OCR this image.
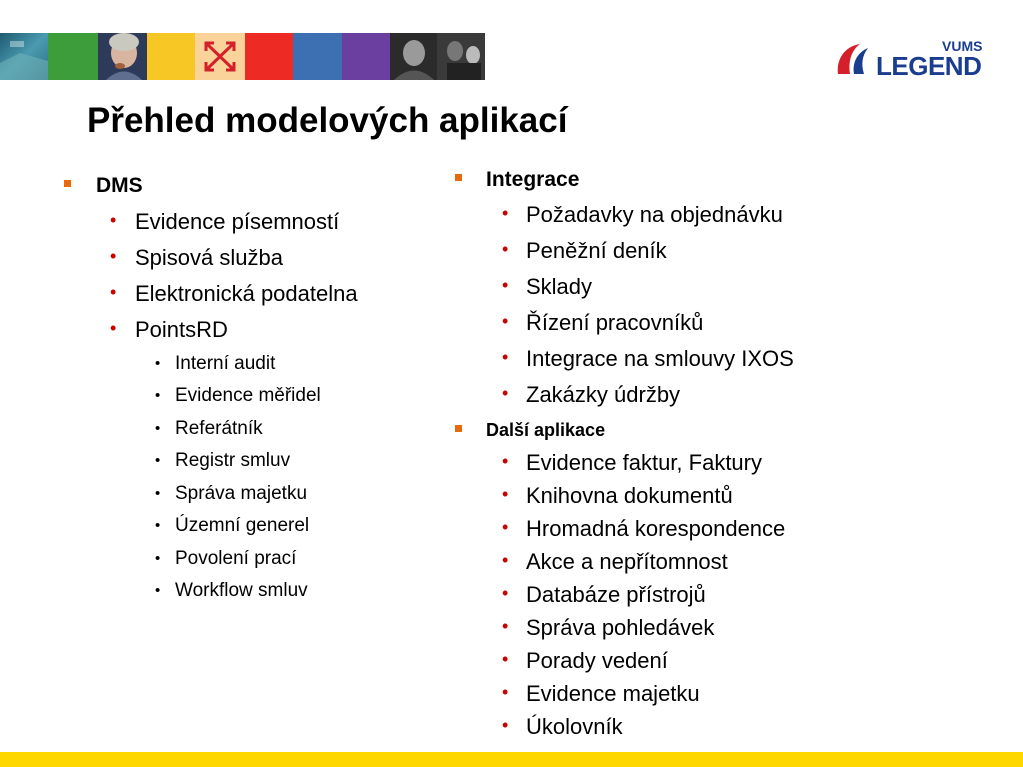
VUMS
LEGEND
Přehled modelových aplikací
DMS
• Evidence písemností
• Spisová služba
• Elektronická podatelna
• PointsRD
• Interní audit
• Evidence měřidel
• Referátník
• Registr smluv
• Správa majetku
• Územní generel
• Povolení prací
• Workflow smluv
Integrace
• Požadavky na objednávku
• Peněžní deník
• Sklady
• Řízení pracovníků
• Integrace na smlouvy IXOS
• Zakázky údržby
Další aplikace
• Evidence faktur, Faktury
• Knihovna dokumentů
• Hromadná korespondence
• Akce a nepřítomnost
• Databáze přístrojů
• Správa pohledávek
• Porady vedení
• Evidence majetku
• Úkolovník
